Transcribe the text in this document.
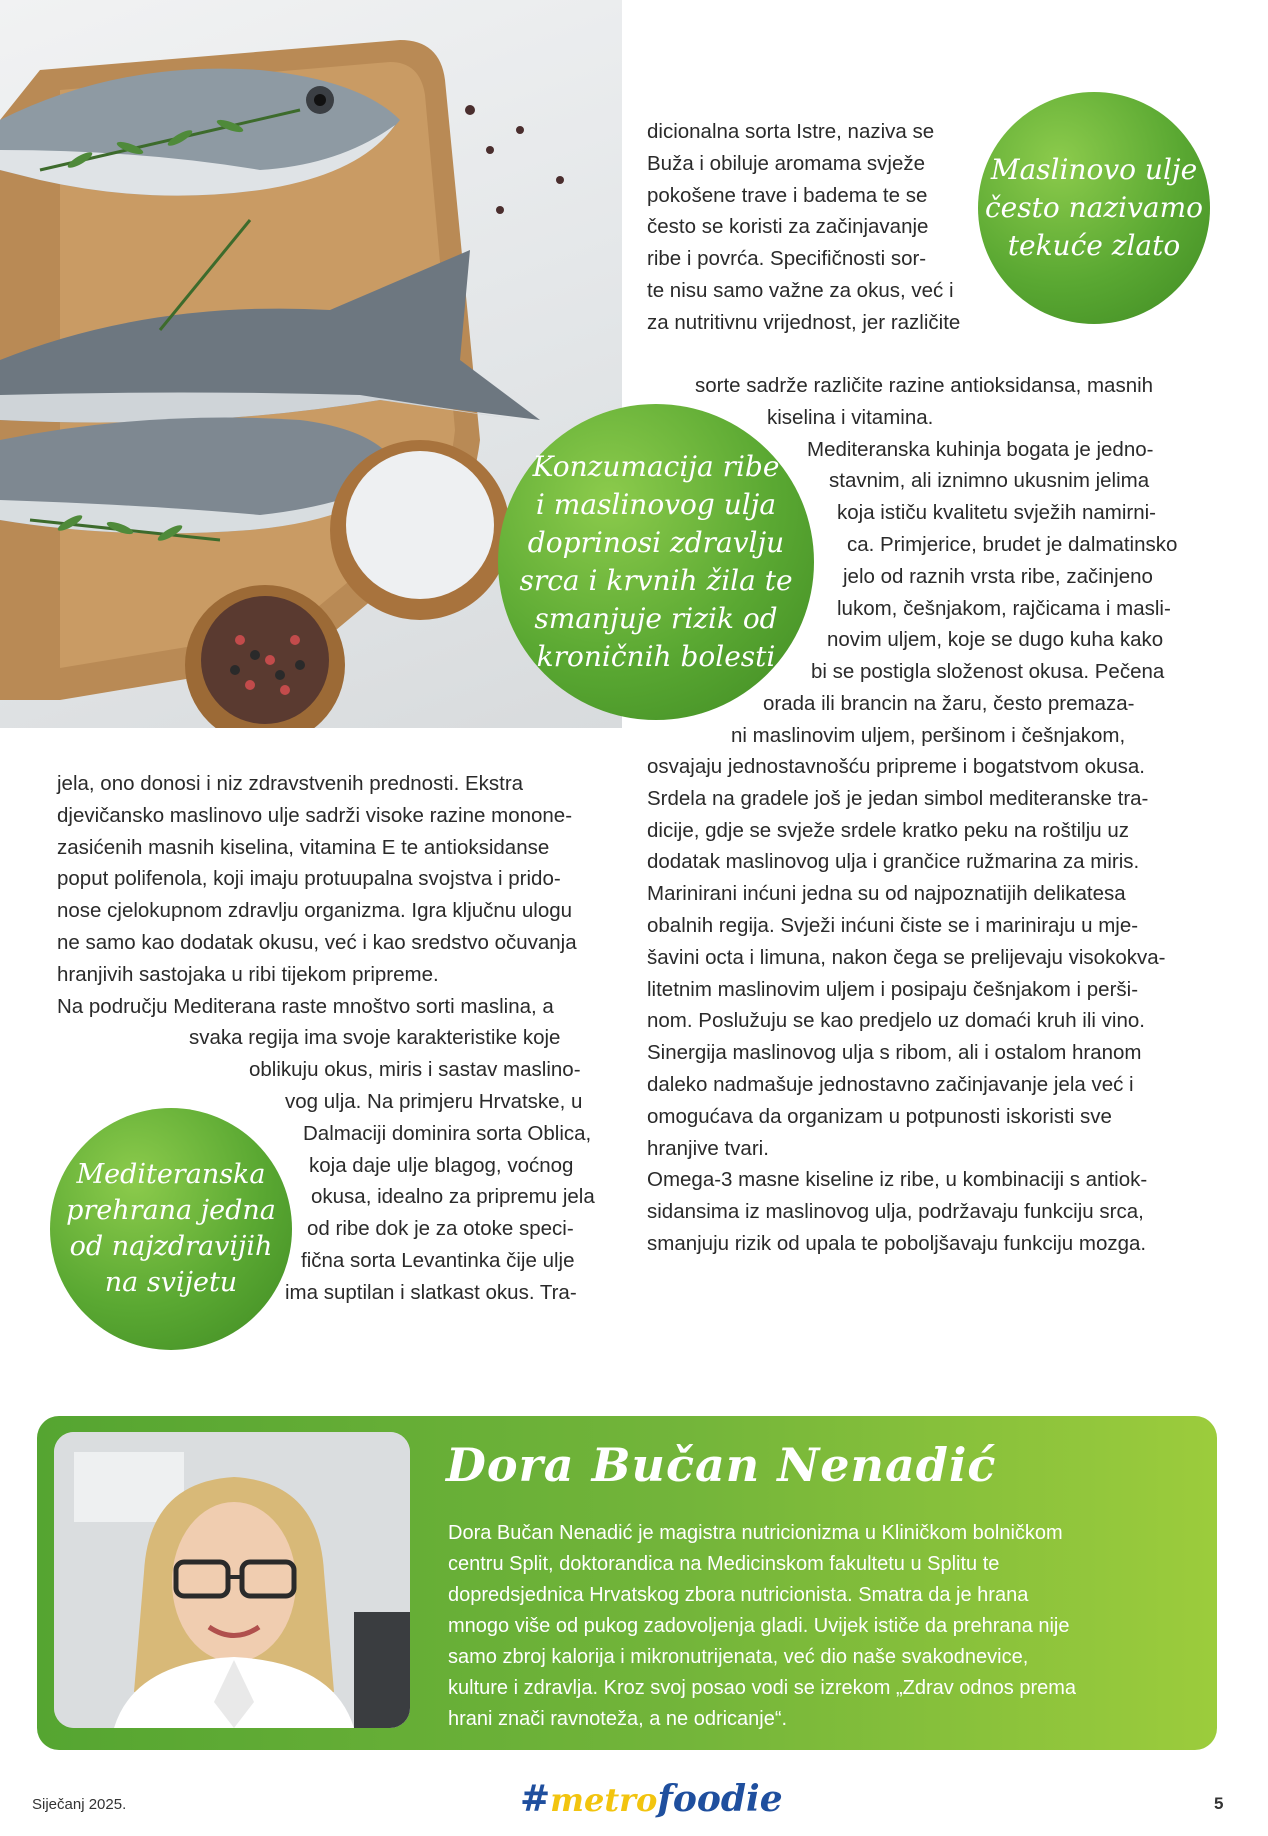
dicionalna sorta Istre, naziva se
Buža i obiluje aromama svježe
pokošene trave i badema te se
često se koristi za začinjavanje
ribe i povrća. Specifičnosti sor-
te nisu samo važne za okus, već i
za nutritivnu vrijednost, jer različite
sorte sadrže različite razine antioksidansa, masnih
kiselina i vitamina.
Mediteranska kuhinja bogata je jedno-
stavnim, ali iznimno ukusnim jelima
koja ističu kvalitetu svježih namirni-
ca. Primjerice, brudet je dalmatinsko
jelo od raznih vrsta ribe, začinjeno
lukom, češnjakom, rajčicama i masli-
novim uljem, koje se dugo kuha kako
bi se postigla složenost okusa. Pečena
orada ili brancin na žaru, često premaza-
ni maslinovim uljem, peršinom i češnjakom,
osvajaju jednostavnošću pripreme i bogatstvom okusa.
Srdela na gradele još je jedan simbol mediteranske tra-
dicije, gdje se svježe srdele kratko peku na roštilju uz
dodatak maslinovog ulja i grančice ružmarina za miris.
Marinirani inćuni jedna su od najpoznatijih delikatesa
obalnih regija. Svježi inćuni čiste se i mariniraju u mje-
šavini octa i limuna, nakon čega se prelijevaju visokokva-
litetnim maslinovim uljem i posipaju češnjakom i perši-
nom. Poslužuju se kao predjelo uz domaći kruh ili vino.
Sinergija maslinovog ulja s ribom, ali i ostalom hranom
daleko nadmašuje jednostavno začinjavanje jela već i
omogućava da organizam u potpunosti iskoristi sve
hranjive tvari.
Omega-3 masne kiseline iz ribe, u kombinaciji s antiok-
sidansima iz maslinovog ulja, podržavaju funkciju srca,
smanjuju rizik od upala te poboljšavaju funkciju mozga.
jela, ono donosi i niz zdravstvenih prednosti. Ekstra
djevičansko maslinovo ulje sadrži visoke razine monone-
zasićenih masnih kiselina, vitamina E te antioksidanse
poput polifenola, koji imaju protuupalna svojstva i prido-
nose cjelokupnom zdravlju organizma. Igra ključnu ulogu
ne samo kao dodatak okusu, već i kao sredstvo očuvanja
hranjivih sastojaka u ribi tijekom pripreme.
Na području Mediterana raste mnoštvo sorti maslina, a
svaka regija ima svoje karakteristike koje
oblikuju okus, miris i sastav maslino-
vog ulja. Na primjeru Hrvatske, u
Dalmaciji dominira sorta Oblica,
koja daje ulje blagog, voćnog
okusa, idealno za pripremu jela
od ribe dok je za otoke speci-
fična sorta Levantinka čije ulje
ima suptilan i slatkast okus. Tra-
Maslinovo ulje
često nazivamo
tekuće zlato
Konzumacija ribe
i maslinovog ulja
doprinosi zdravlju
srca i krvnih žila te
smanjuje rizik od
kroničnih bolesti
Mediteranska
prehrana jedna
od najzdravijih
na svijetu
Dora Bučan Nenadić
Dora Bučan Nenadić je magistra nutricionizma u Kliničkom bolničkom
centru Split, doktorandica na Medicinskom fakultetu u Splitu te
dopredsjednica Hrvatskog zbora nutricionista. Smatra da je hrana
mnogo više od pukog zadovoljenja gladi. Uvijek ističe da prehrana nije
samo zbroj kalorija i mikronutrijenata, već dio naše svakodnevice,
kulture i zdravlja. Kroz svoj posao vodi se izrekom „Zdrav odnos prema
hrani znači ravnoteža, a ne odricanje“.
Siječanj 2025.	#metrofoodie	5
